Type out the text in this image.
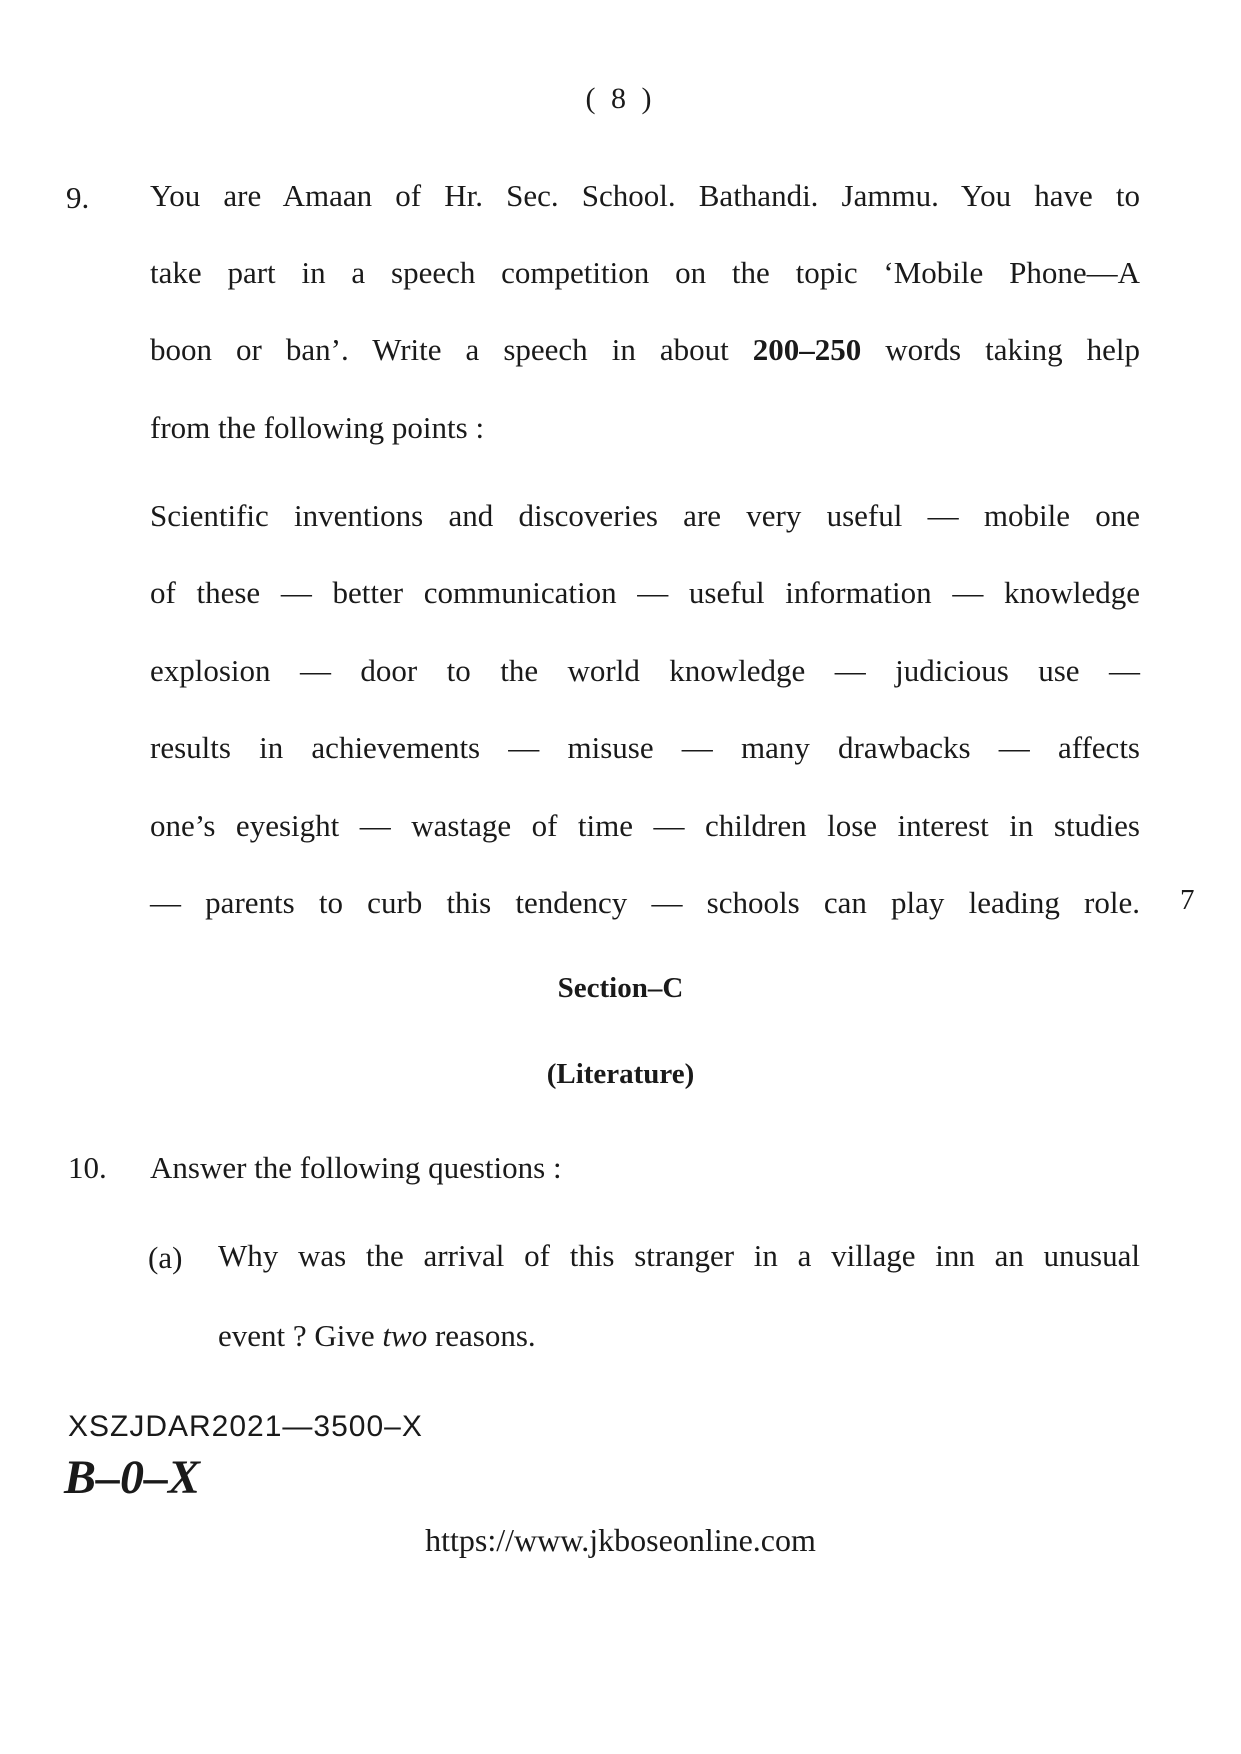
( 8 )
9. You are Amaan of Hr. Sec. School. Bathandi. Jammu. You have to
take part in a speech competition on the topic ‘Mobile Phone—A
boon or ban’. Write a speech in about 200–250 words taking help
from the following points :
Scientific inventions and discoveries are very useful — mobile one
of these — better communication — useful information — knowledge
explosion — door to the world knowledge — judicious use —
results in achievements — misuse — many drawbacks — affects
one’s eyesight — wastage of time — children lose interest in studies
— parents to curb this tendency — schools can play leading role. 7
Section–C
(Literature)
10. Answer the following questions :
(a) Why was the arrival of this stranger in a village inn an unusual
event ? Give two reasons.
XSZJDAR2021—3500–X
B–0–X
https://www.jkboseonline.com
